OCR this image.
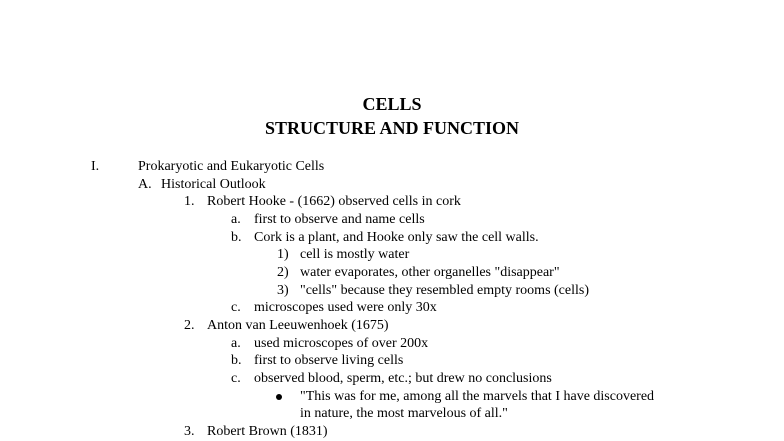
CELLS
STRUCTURE AND FUNCTION
I.	Prokaryotic and Eukaryotic Cells
A. Historical Outlook
1. Robert Hooke - (1662) observed cells in cork
a. first to observe and name cells
b. Cork is a plant, and Hooke only saw the cell walls.
1) cell is mostly water
2) water evaporates, other organelles "disappear"
3) "cells" because they resembled empty rooms (cells)
c. microscopes used were only 30x
2. Anton van Leeuwenhoek (1675)
a. used microscopes of over 200x
b. first to observe living cells
c. observed blood, sperm, etc.; but drew no conclusions
"This was for me, among all the marvels that I have discovered
in nature, the most marvelous of all."
3. Robert Brown (1831)
